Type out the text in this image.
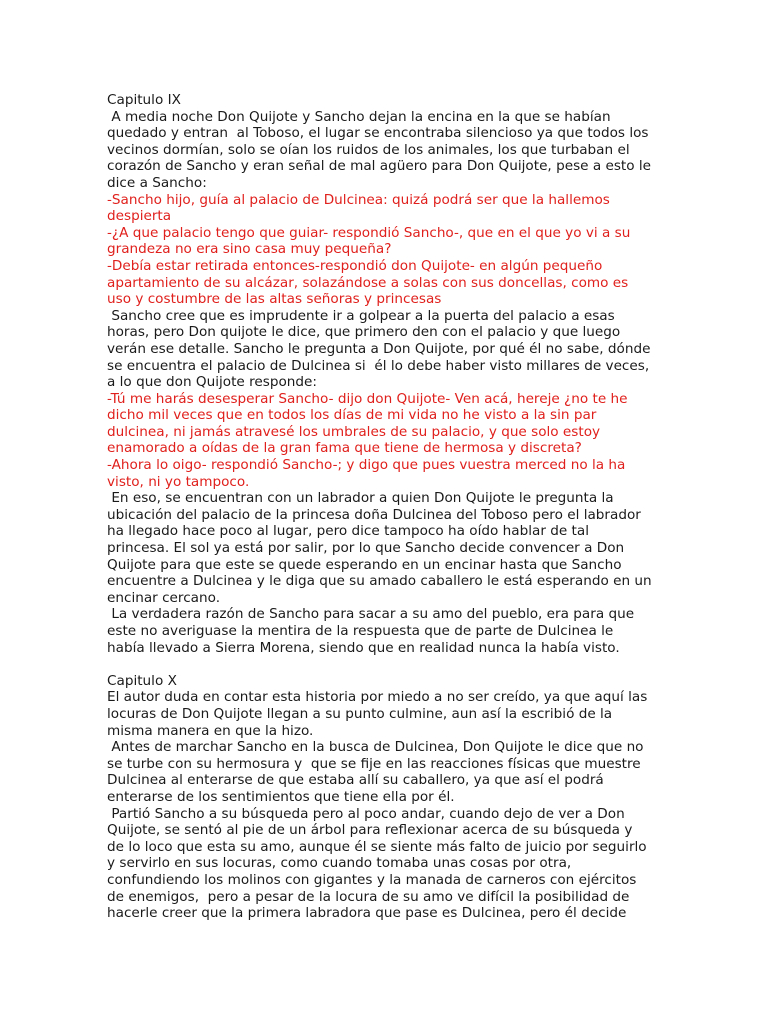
Capitulo IX
A media noche Don Quijote y Sancho dejan la encina en la que se habían
quedado y entran  al Toboso, el lugar se encontraba silencioso ya que todos los
vecinos dormían, solo se oían los ruidos de los animales, los que turbaban el
corazón de Sancho y eran señal de mal agüero para Don Quijote, pese a esto le
dice a Sancho:
-Sancho hijo, guía al palacio de Dulcinea: quizá podrá ser que la hallemos
despierta
-¿A que palacio tengo que guiar- respondió Sancho-, que en el que yo vi a su
grandeza no era sino casa muy pequeña?
-Debía estar retirada entonces-respondió don Quijote- en algún pequeño
apartamiento de su alcázar, solazándose a solas con sus doncellas, como es
uso y costumbre de las altas señoras y princesas
Sancho cree que es imprudente ir a golpear a la puerta del palacio a esas
horas, pero Don quijote le dice, que primero den con el palacio y que luego
verán ese detalle. Sancho le pregunta a Don Quijote, por qué él no sabe, dónde
se encuentra el palacio de Dulcinea si  él lo debe haber visto millares de veces,
a lo que don Quijote responde:
-Tú me harás desesperar Sancho- dijo don Quijote- Ven acá, hereje ¿no te he
dicho mil veces que en todos los días de mi vida no he visto a la sin par
dulcinea, ni jamás atravesé los umbrales de su palacio, y que solo estoy
enamorado a oídas de la gran fama que tiene de hermosa y discreta?
-Ahora lo oigo- respondió Sancho-; y digo que pues vuestra merced no la ha
visto, ni yo tampoco.
En eso, se encuentran con un labrador a quien Don Quijote le pregunta la
ubicación del palacio de la princesa doña Dulcinea del Toboso pero el labrador
ha llegado hace poco al lugar, pero dice tampoco ha oído hablar de tal
princesa. El sol ya está por salir, por lo que Sancho decide convencer a Don
Quijote para que este se quede esperando en un encinar hasta que Sancho
encuentre a Dulcinea y le diga que su amado caballero le está esperando en un
encinar cercano.
La verdadera razón de Sancho para sacar a su amo del pueblo, era para que
este no averiguase la mentira de la respuesta que de parte de Dulcinea le
había llevado a Sierra Morena, siendo que en realidad nunca la había visto.
Capitulo X
El autor duda en contar esta historia por miedo a no ser creído, ya que aquí las
locuras de Don Quijote llegan a su punto culmine, aun así la escribió de la
misma manera en que la hizo.
Antes de marchar Sancho en la busca de Dulcinea, Don Quijote le dice que no
se turbe con su hermosura y  que se fije en las reacciones físicas que muestre
Dulcinea al enterarse de que estaba allí su caballero, ya que así el podrá
enterarse de los sentimientos que tiene ella por él.
Partió Sancho a su búsqueda pero al poco andar, cuando dejo de ver a Don
Quijote, se sentó al pie de un árbol para reflexionar acerca de su búsqueda y
de lo loco que esta su amo, aunque él se siente más falto de juicio por seguirlo
y servirlo en sus locuras, como cuando tomaba unas cosas por otra,
confundiendo los molinos con gigantes y la manada de carneros con ejércitos
de enemigos,  pero a pesar de la locura de su amo ve difícil la posibilidad de
hacerle creer que la primera labradora que pase es Dulcinea, pero él decide
